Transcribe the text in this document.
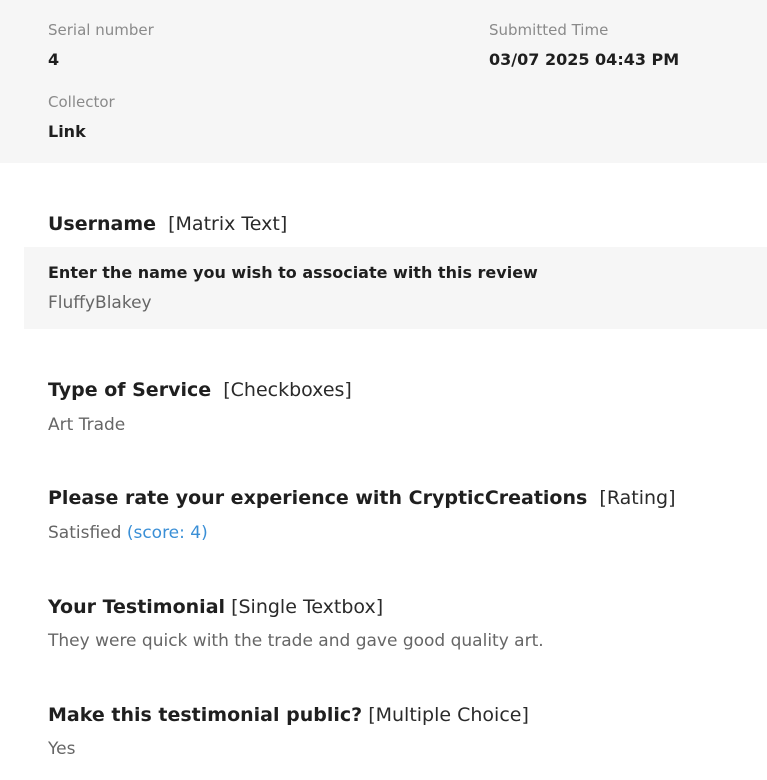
Serial number
4
Submitted Time
03/07 2025 04:43 PM
Collector
Link
Username [Matrix Text]
Enter the name you wish to associate with this review
FluffyBlakey
Type of Service [Checkboxes]
Art Trade
Please rate your experience with CrypticCreations [Rating]
Satisfied (score: 4)
Your Testimonial [Single Textbox]
They were quick with the trade and gave good quality art.
Make this testimonial public? [Multiple Choice]
Yes
